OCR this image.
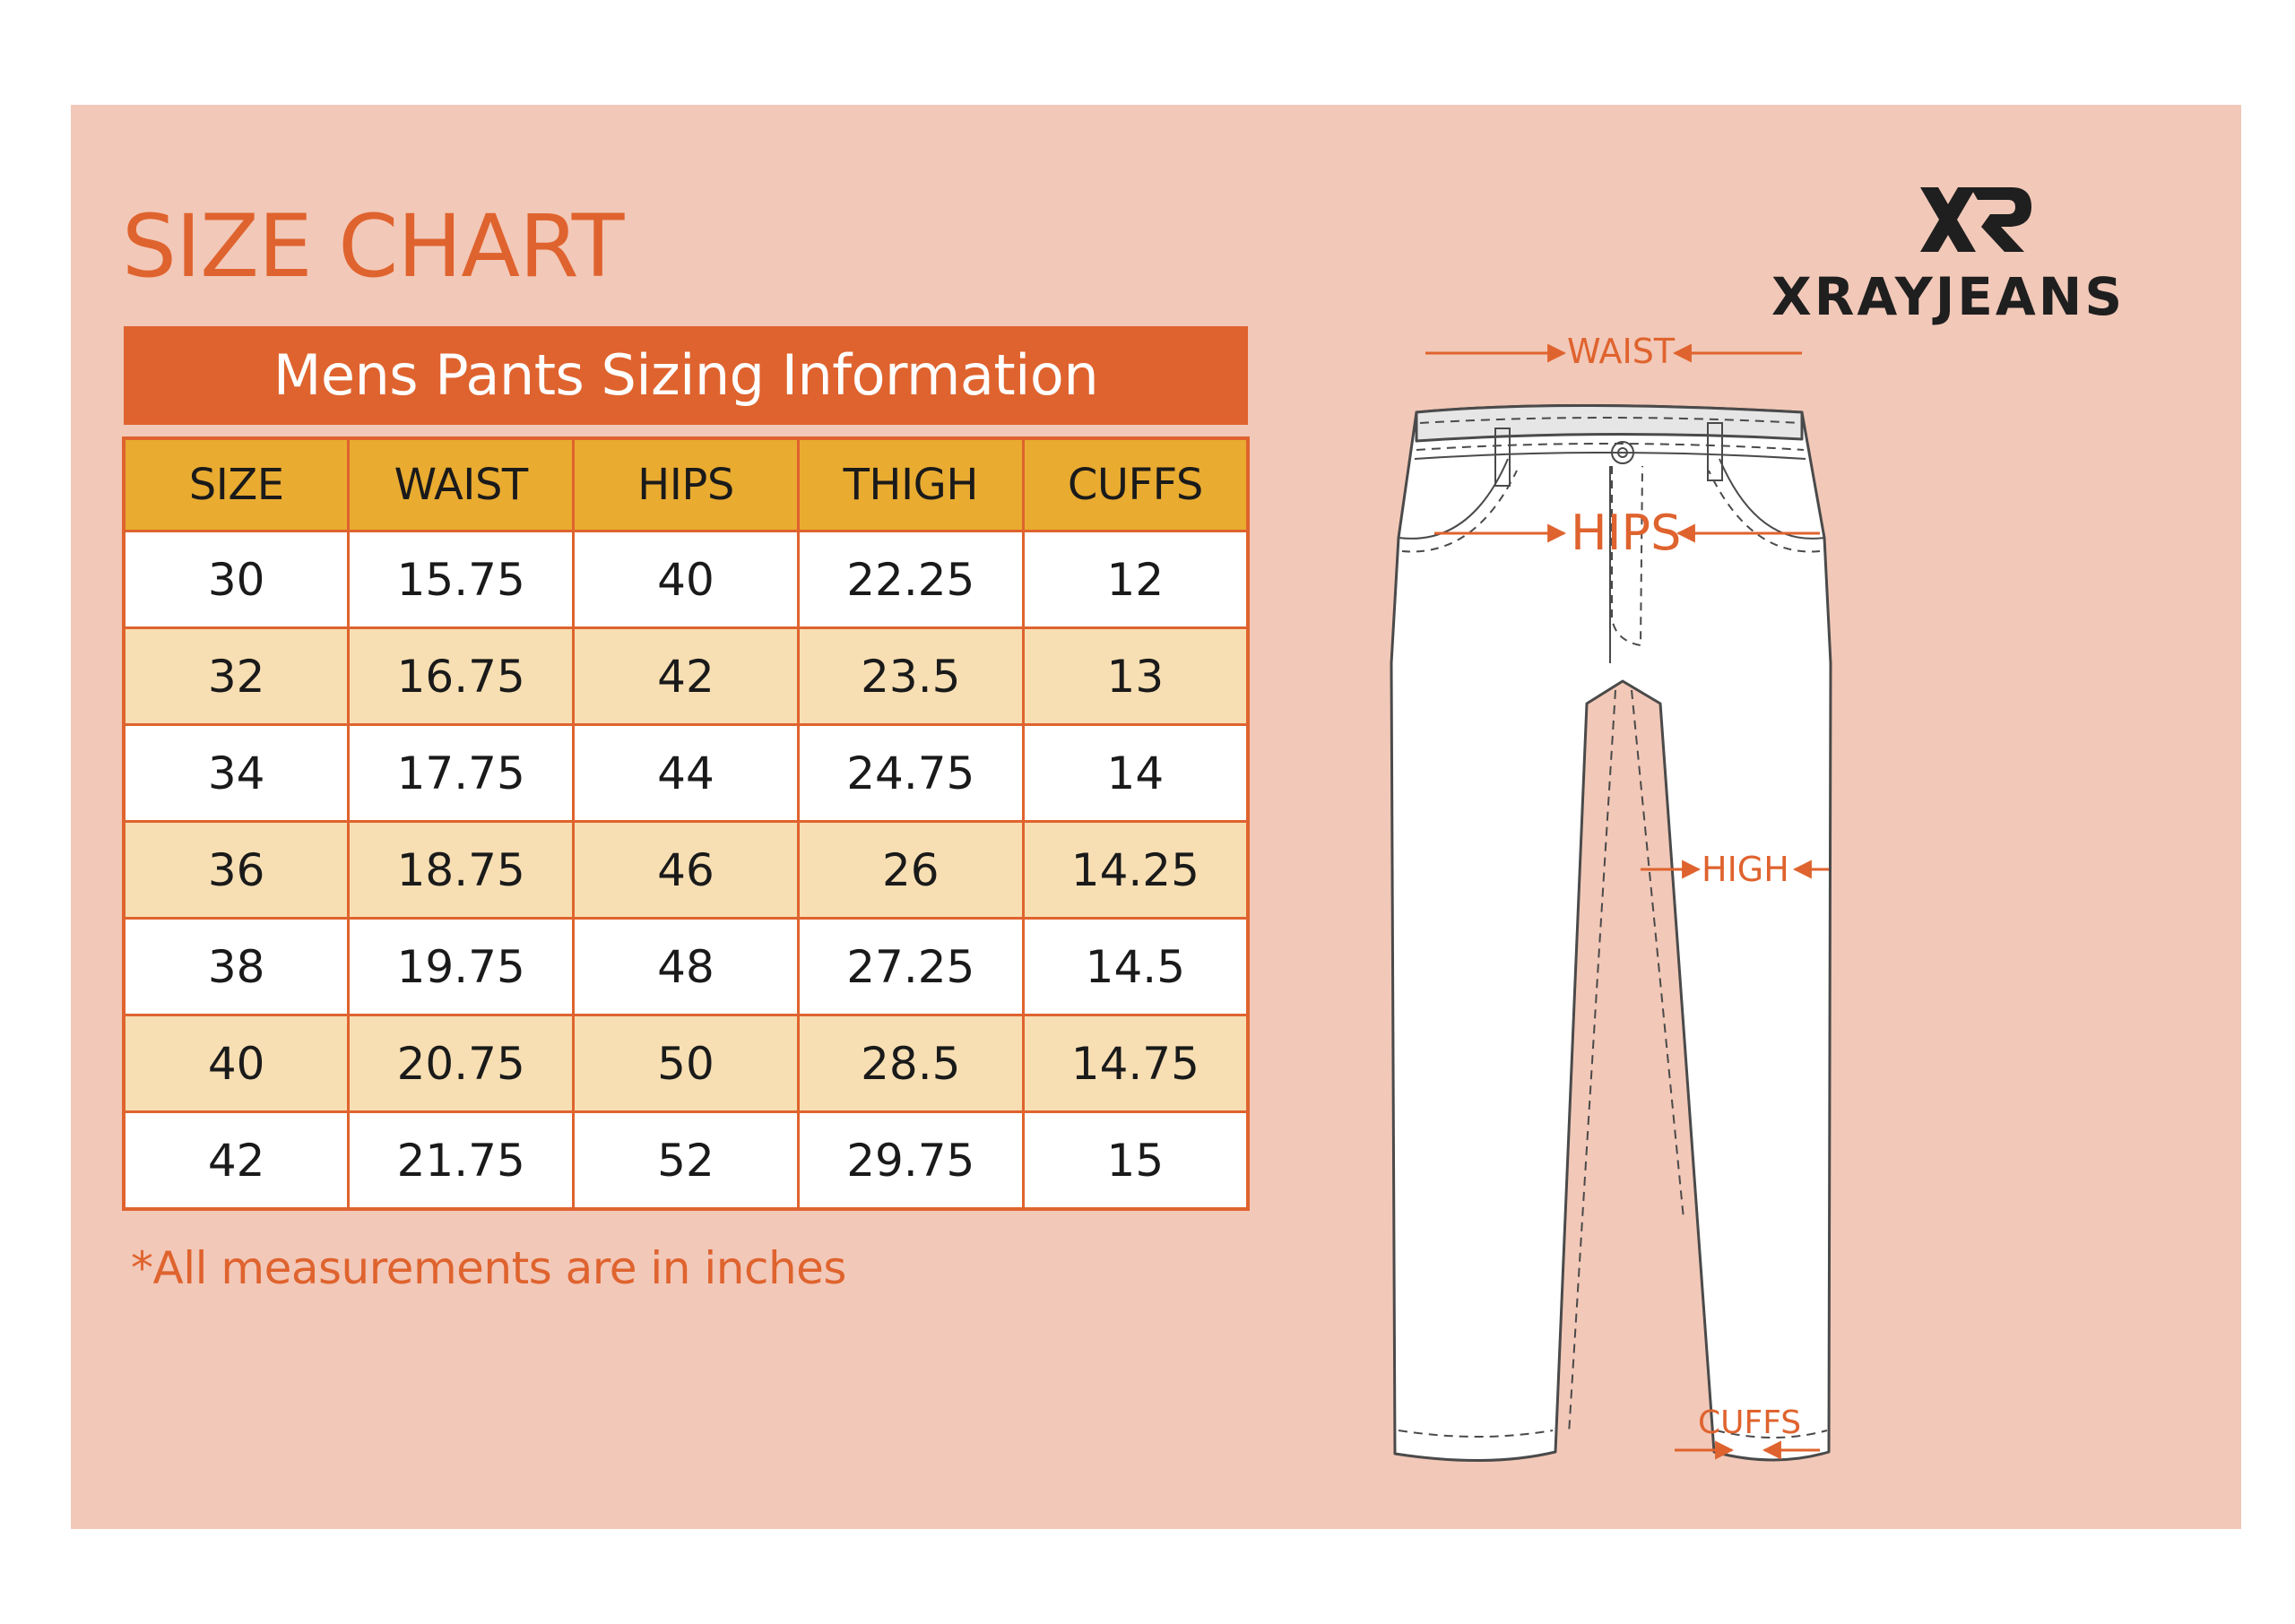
SIZE CHART
Mens Pants Sizing Information
SIZE	WAIST	HIPS	THIGH	CUFFS
30	15.75	40	22.25	12
32	16.75	42	23.5	13
34	17.75	44	24.75	14
36	18.75	46	26	14.25
38	19.75	48	27.25	14.5
40	20.75	50	28.5	14.75
42	21.75	52	29.75	15
*All measurements are in inches
XRAYJEANS
WAIST
HIPS
HIGH
CUFFS
